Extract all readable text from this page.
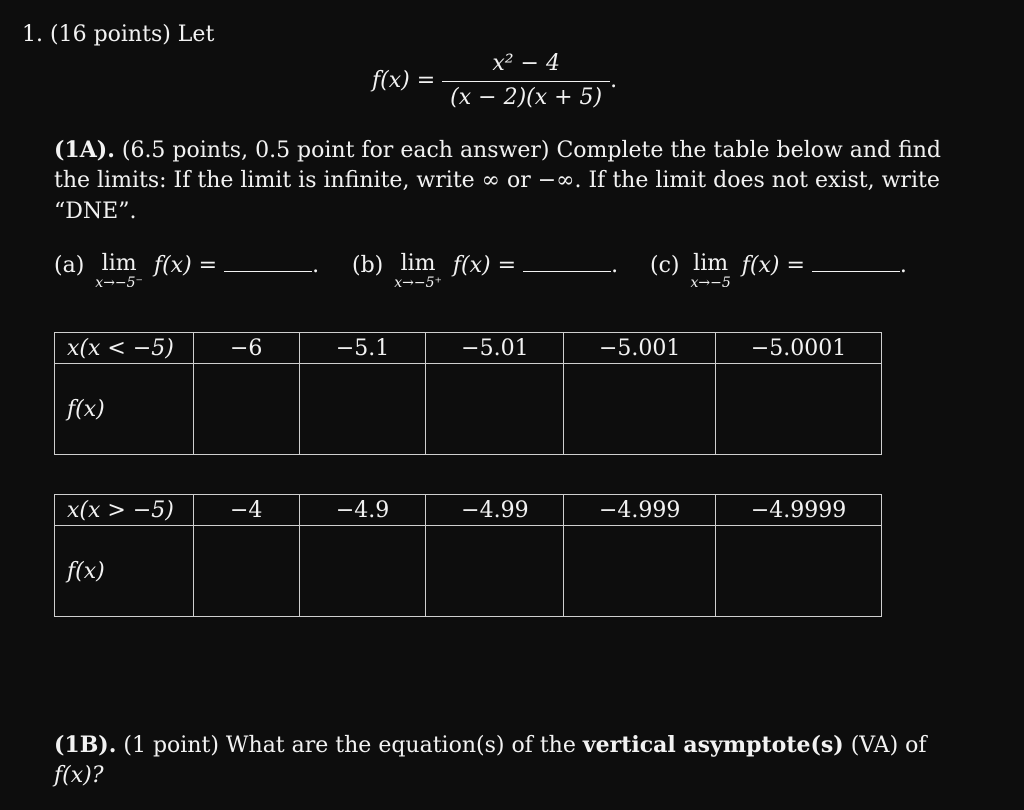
1. (16 points) Let
$f(x) = \frac{\text{x² − 4}}{(x - 2)(x + 5)}$ .
(1A). (6.5 points, 0.5 point for each answer) Complete the table below and find
the limits: If the limit is infinite, write ∞ or −∞. If the limit does not exist, write
“DNE”.
(a) lim
x→−5⁻
f(x) =	. (b) lim
x→−5⁺
f(x) =	. (c) lim
x→−5
f(x) =	.
x(x < −5)	−6	−5.1	−5.01	−5.001	−5.0001
f(x)					
x(x > −5)	−4	−4.9	−4.99	−4.999	−4.9999
f(x)					
(1B). (1 point) What are the equation(s) of the vertical asymptote(s) (VA) of
f(x)?
